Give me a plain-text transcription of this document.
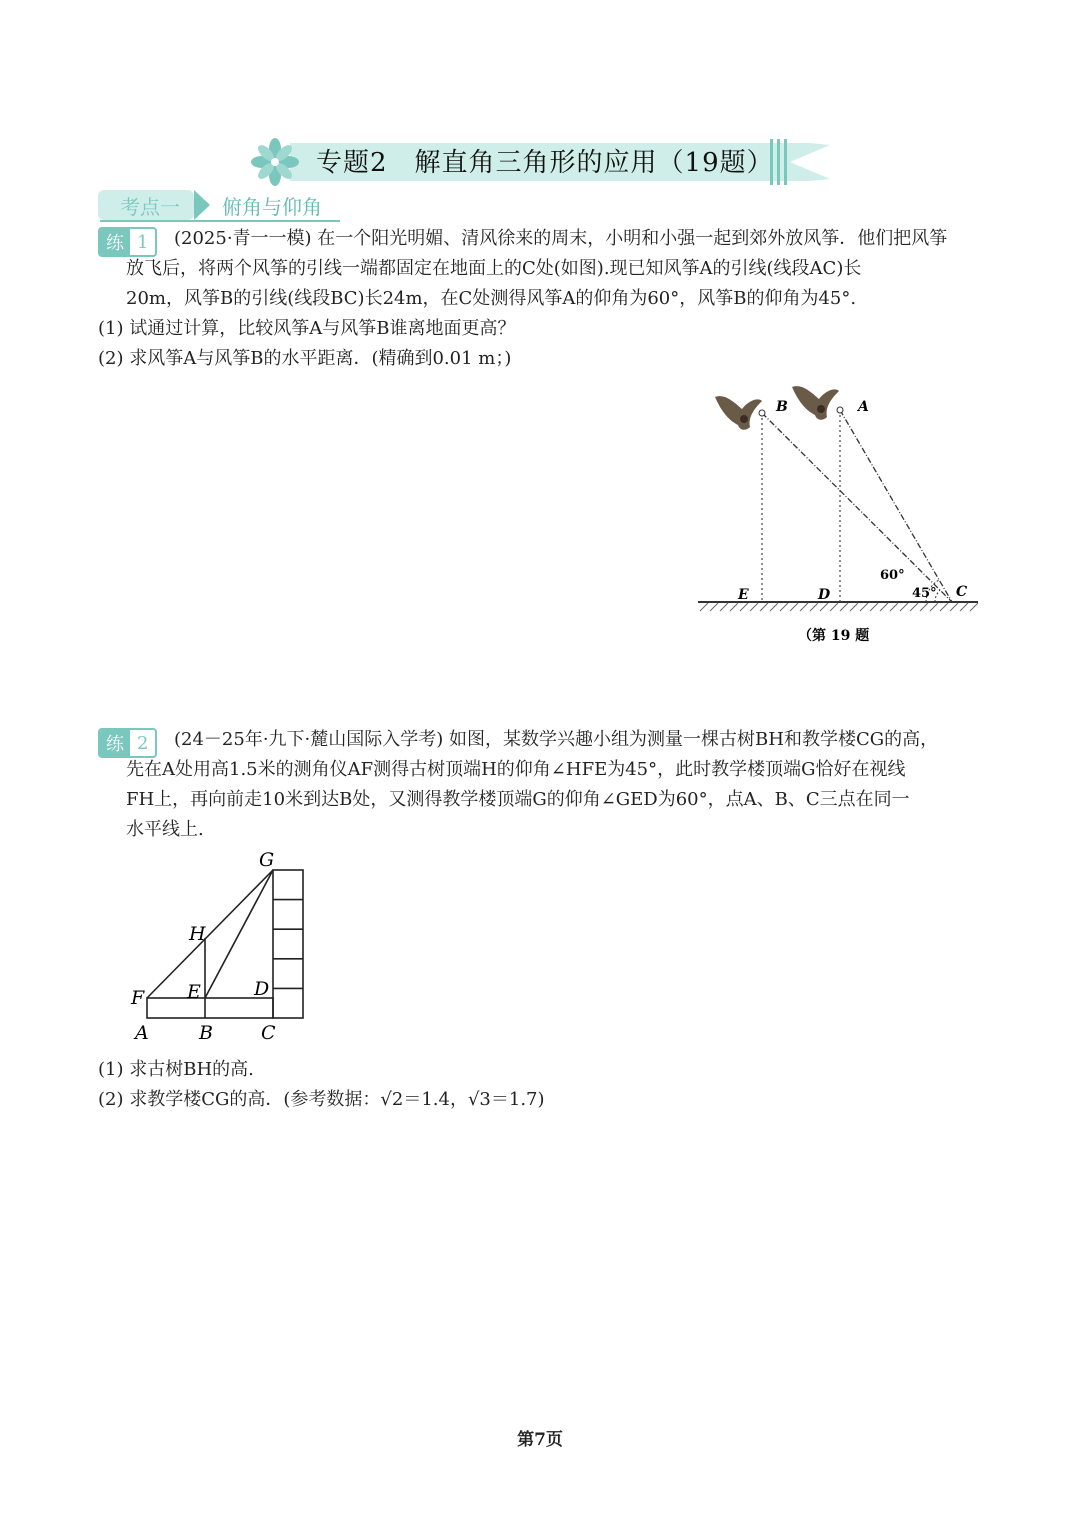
专题2　解直角三角形的应用（19题）
考点一 俯角与仰角
练 1	(2025·青一一模) 在一个阳光明媚、清风徐来的周末，小明和小强一起到郊外放风筝．他们把风筝
放飞后，将两个风筝的引线一端都固定在地面上的C处(如图).现已知风筝A的引线(线段AC)长
20m，风筝B的引线(线段BC)长24m，在C处测得风筝A的仰角为60°，风筝B的仰角为45°.
(1) 试通过计算，比较风筝A与风筝B谁离地面更高？
(2) 求风筝A与风筝B的水平距离．(精确到0.01 m；)
B	A
E	D	C
60°
45°
（第 19 题
练 2	(24－25年·九下·麓山国际入学考) 如图，某数学兴趣小组为测量一棵古树BH和教学楼CG的高，
先在A处用高1.5米的测角仪AF测得古树顶端H的仰角∠HFE为45°，此时教学楼顶端G恰好在视线
FH上，再向前走10米到达B处，又测得教学楼顶端G的仰角∠GED为60°，点A、B、C三点在同一
水平线上.
G
H
F E	D
A	B	C
(1) 求古树BH的高.
(2) 求教学楼CG的高．(参考数据：√2＝1.4，√3＝1.7)
第7页
